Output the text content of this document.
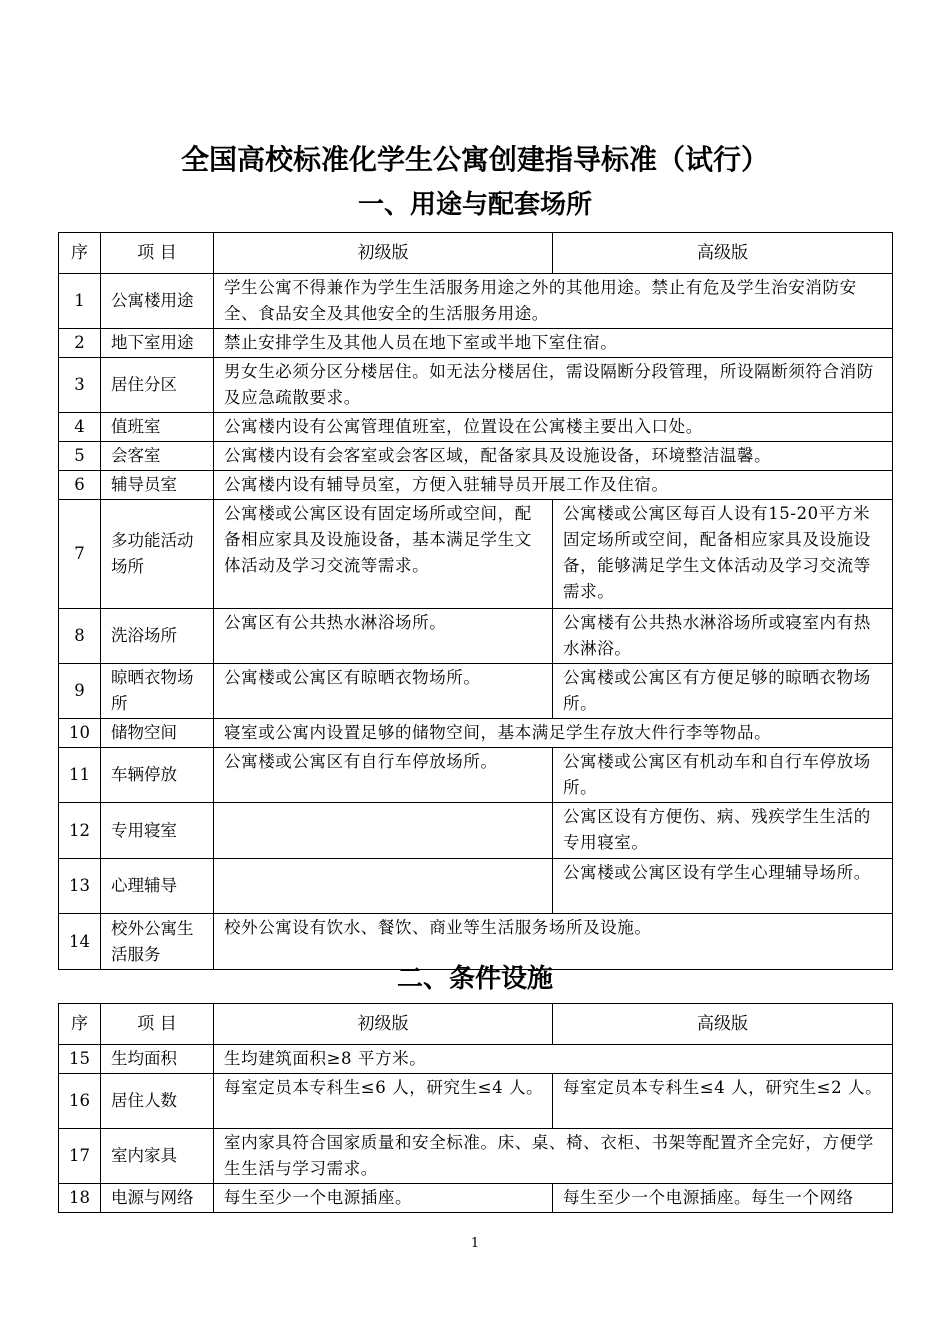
全国高校标准化学生公寓创建指导标准（试行）
一、用途与配套场所
序	项 目	初级版	高级版
1	公寓楼用途	学生公寓不得兼作为学生生活服务用途之外的其他用途。禁止有危及学生治安消防安全、食品安全及其他安全的生活服务用途。	
2	地下室用途	禁止安排学生及其他人员在地下室或半地下室住宿。	
3	居住分区	男女生必须分区分楼居住。如无法分楼居住，需设隔断分段管理，所设隔断须符合消防及应急疏散要求。	
4	值班室	公寓楼内设有公寓管理值班室，位置设在公寓楼主要出入口处。	
5	会客室	公寓楼内设有会客室或会客区域，配备家具及设施设备，环境整洁温馨。	
6	辅导员室	公寓楼内设有辅导员室，方便入驻辅导员开展工作及住宿。	
7	多功能活动场所	公寓楼或公寓区设有固定场所或空间，配备相应家具及设施设备，基本满足学生文体活动及学习交流等需求。	公寓楼或公寓区每百人设有15-20平方米固定场所或空间，配备相应家具及设施设备，能够满足学生文体活动及学习交流等需求。
8	洗浴场所	公寓区有公共热水淋浴场所。	公寓楼有公共热水淋浴场所或寝室内有热水淋浴。
9	晾晒衣物场所	公寓楼或公寓区有晾晒衣物场所。	公寓楼或公寓区有方便足够的晾晒衣物场所。
10	储物空间	寝室或公寓内设置足够的储物空间，基本满足学生存放大件行李等物品。	
11	车辆停放	公寓楼或公寓区有自行车停放场所。	公寓楼或公寓区有机动车和自行车停放场所。
12	专用寝室		公寓区设有方便伤、病、残疾学生生活的专用寝室。
13	心理辅导		公寓楼或公寓区设有学生心理辅导场所。
14	校外公寓生活服务	校外公寓设有饮水、餐饮、商业等生活服务场所及设施。	
二、条件设施
序	项 目	初级版	高级版
15	生均面积	生均建筑面积≥8 平方米。	
16	居住人数	每室定员本专科生≤6 人，研究生≤4 人。	每室定员本专科生≤4 人，研究生≤2 人。
17	室内家具	室内家具符合国家质量和安全标准。床、桌、椅、衣柜、书架等配置齐全完好，方便学生生活与学习需求。	
18	电源与网络	每生至少一个电源插座。	每生至少一个电源插座。每生一个网络
1
